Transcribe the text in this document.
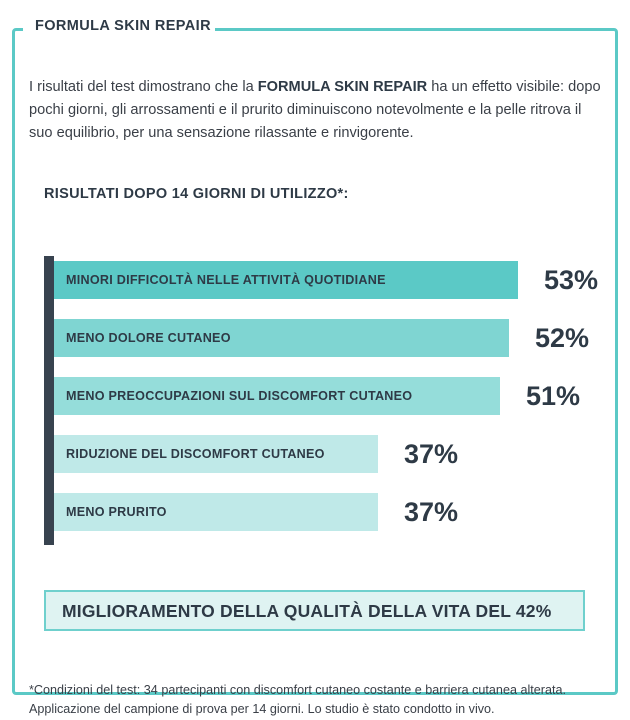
FORMULA SKIN REPAIR

I risultati del test dimostrano che la FORMULA SKIN REPAIR ha un effetto visibile: dopo pochi giorni, gli arrossamenti e il prurito diminuiscono notevolmente e la pelle ritrova il suo equilibrio, per una sensazione rilassante e rinvigorente.

RISULTATI DOPO 14 GIORNI DI UTILIZZO*:
MINORI DIFFICOLTÀ NELLE ATTIVITÀ QUOTIDIANE	53%
MENO DOLORE CUTANEO	52%
MENO PREOCCUPAZIONI SUL DISCOMFORT CUTANEO	51%
RIDUZIONE DEL DISCOMFORT CUTANEO	37%
MENO PRURITO	37%
MIGLIORAMENTO DELLA QUALITÀ DELLA VITA DEL 42%

*Condizioni del test: 34 partecipanti con discomfort cutaneo costante e barriera cutanea alterata. Applicazione del campione di prova per 14 giorni. Lo studio è stato condotto in vivo.
